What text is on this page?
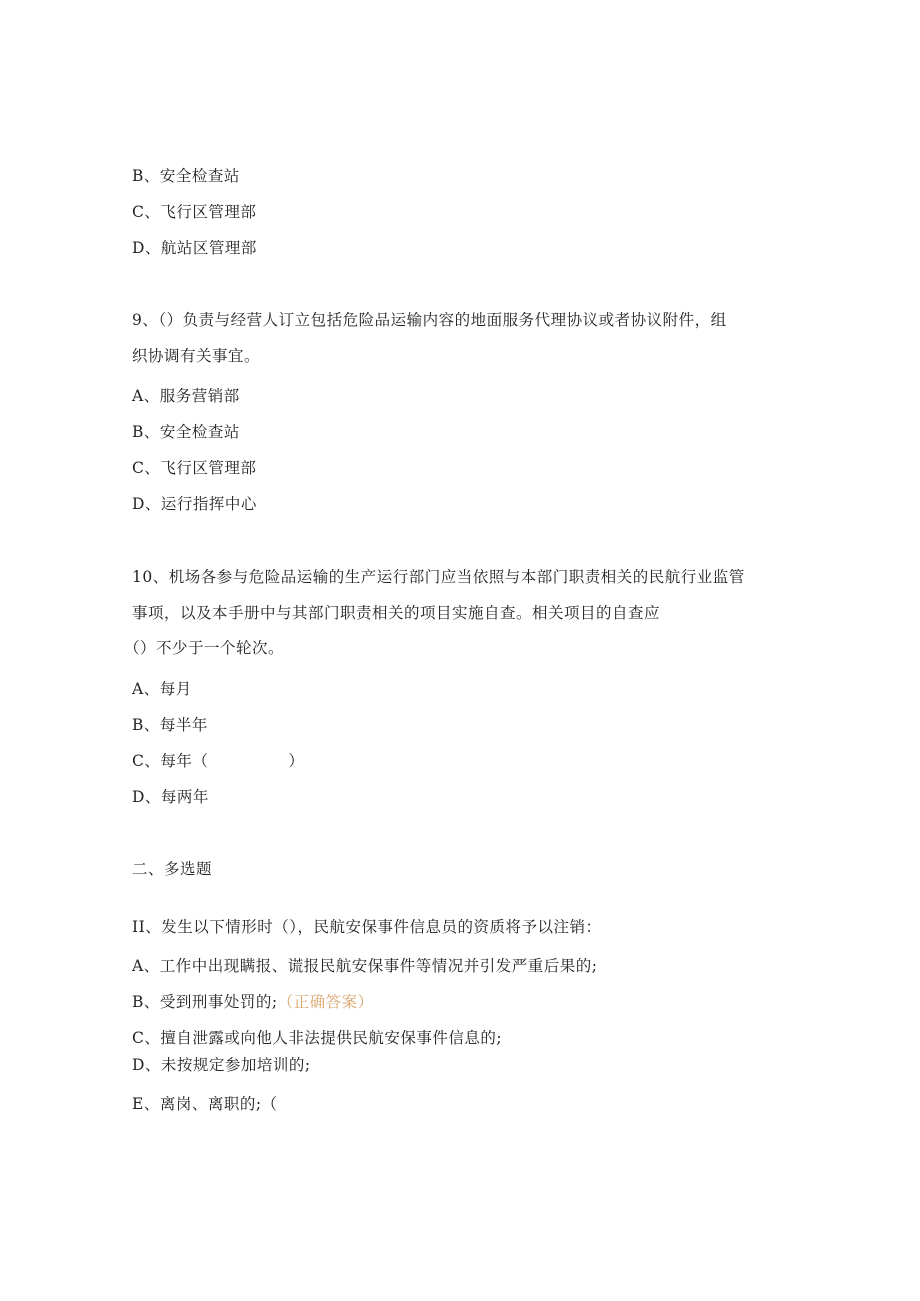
B、安全检查站
C、飞行区管理部
D、航站区管理部
9、（）负责与经营人订立包括危险品运输内容的地面服务代理协议或者协议附件，组
织协调有关事宜。
A、服务营销部
B、安全检查站
C、飞行区管理部
D、运行指挥中心
10、机场各参与危险品运输的生产运行部门应当依照与本部门职责相关的民航行业监管
事项，以及本手册中与其部门职责相关的项目实施自查。相关项目的自查应
（）不少于一个轮次。
A、每月
B、每半年
C、每年（　　　　　）
D、每两年
二、多选题
II、发生以下情形时（），民航安保事件信息员的资质将予以注销：
A、工作中出现瞒报、谎报民航安保事件等情况并引发严重后果的;
B、受到刑事处罚的;（正确答案）
C、擅自泄露或向他人非法提供民航安保事件信息的;
D、未按规定参加培训的;
E、离岗、离职的;（
